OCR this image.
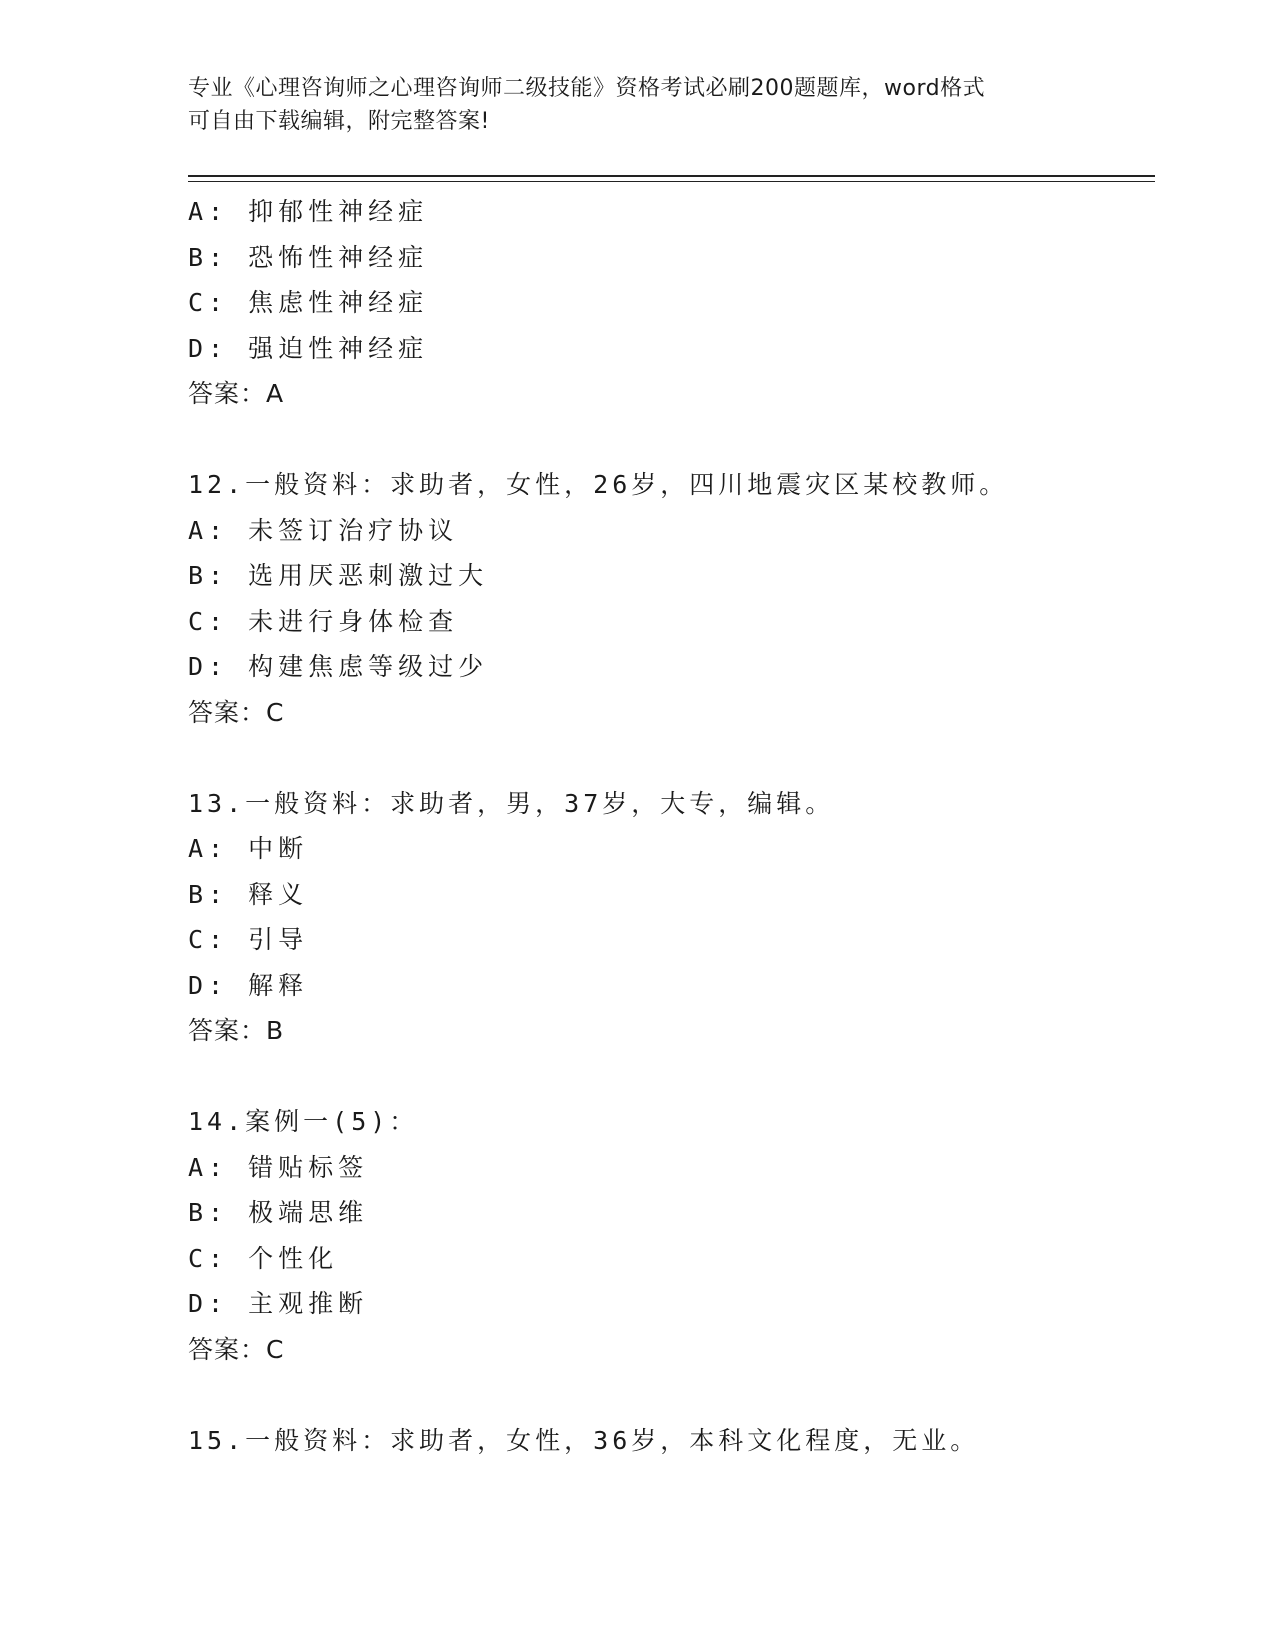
专业《心理咨询师之心理咨询师二级技能》资格考试必刷200题题库，word格式
可自由下载编辑，附完整答案!
A: 抑郁性神经症
B: 恐怖性神经症
C: 焦虑性神经症
D: 强迫性神经症
答案：A
12.一般资料：求助者，女性，26岁，四川地震灾区某校教师。
A: 未签订治疗协议
B: 选用厌恶刺激过大
C: 未进行身体检查
D: 构建焦虑等级过少
答案：C
13.一般资料：求助者，男，37岁，大专，编辑。
A: 中断
B: 释义
C: 引导
D: 解释
答案：B
14.案例一(5)：
A: 错贴标签
B: 极端思维
C: 个性化
D: 主观推断
答案：C
15.一般资料：求助者，女性，36岁，本科文化程度，无业。
